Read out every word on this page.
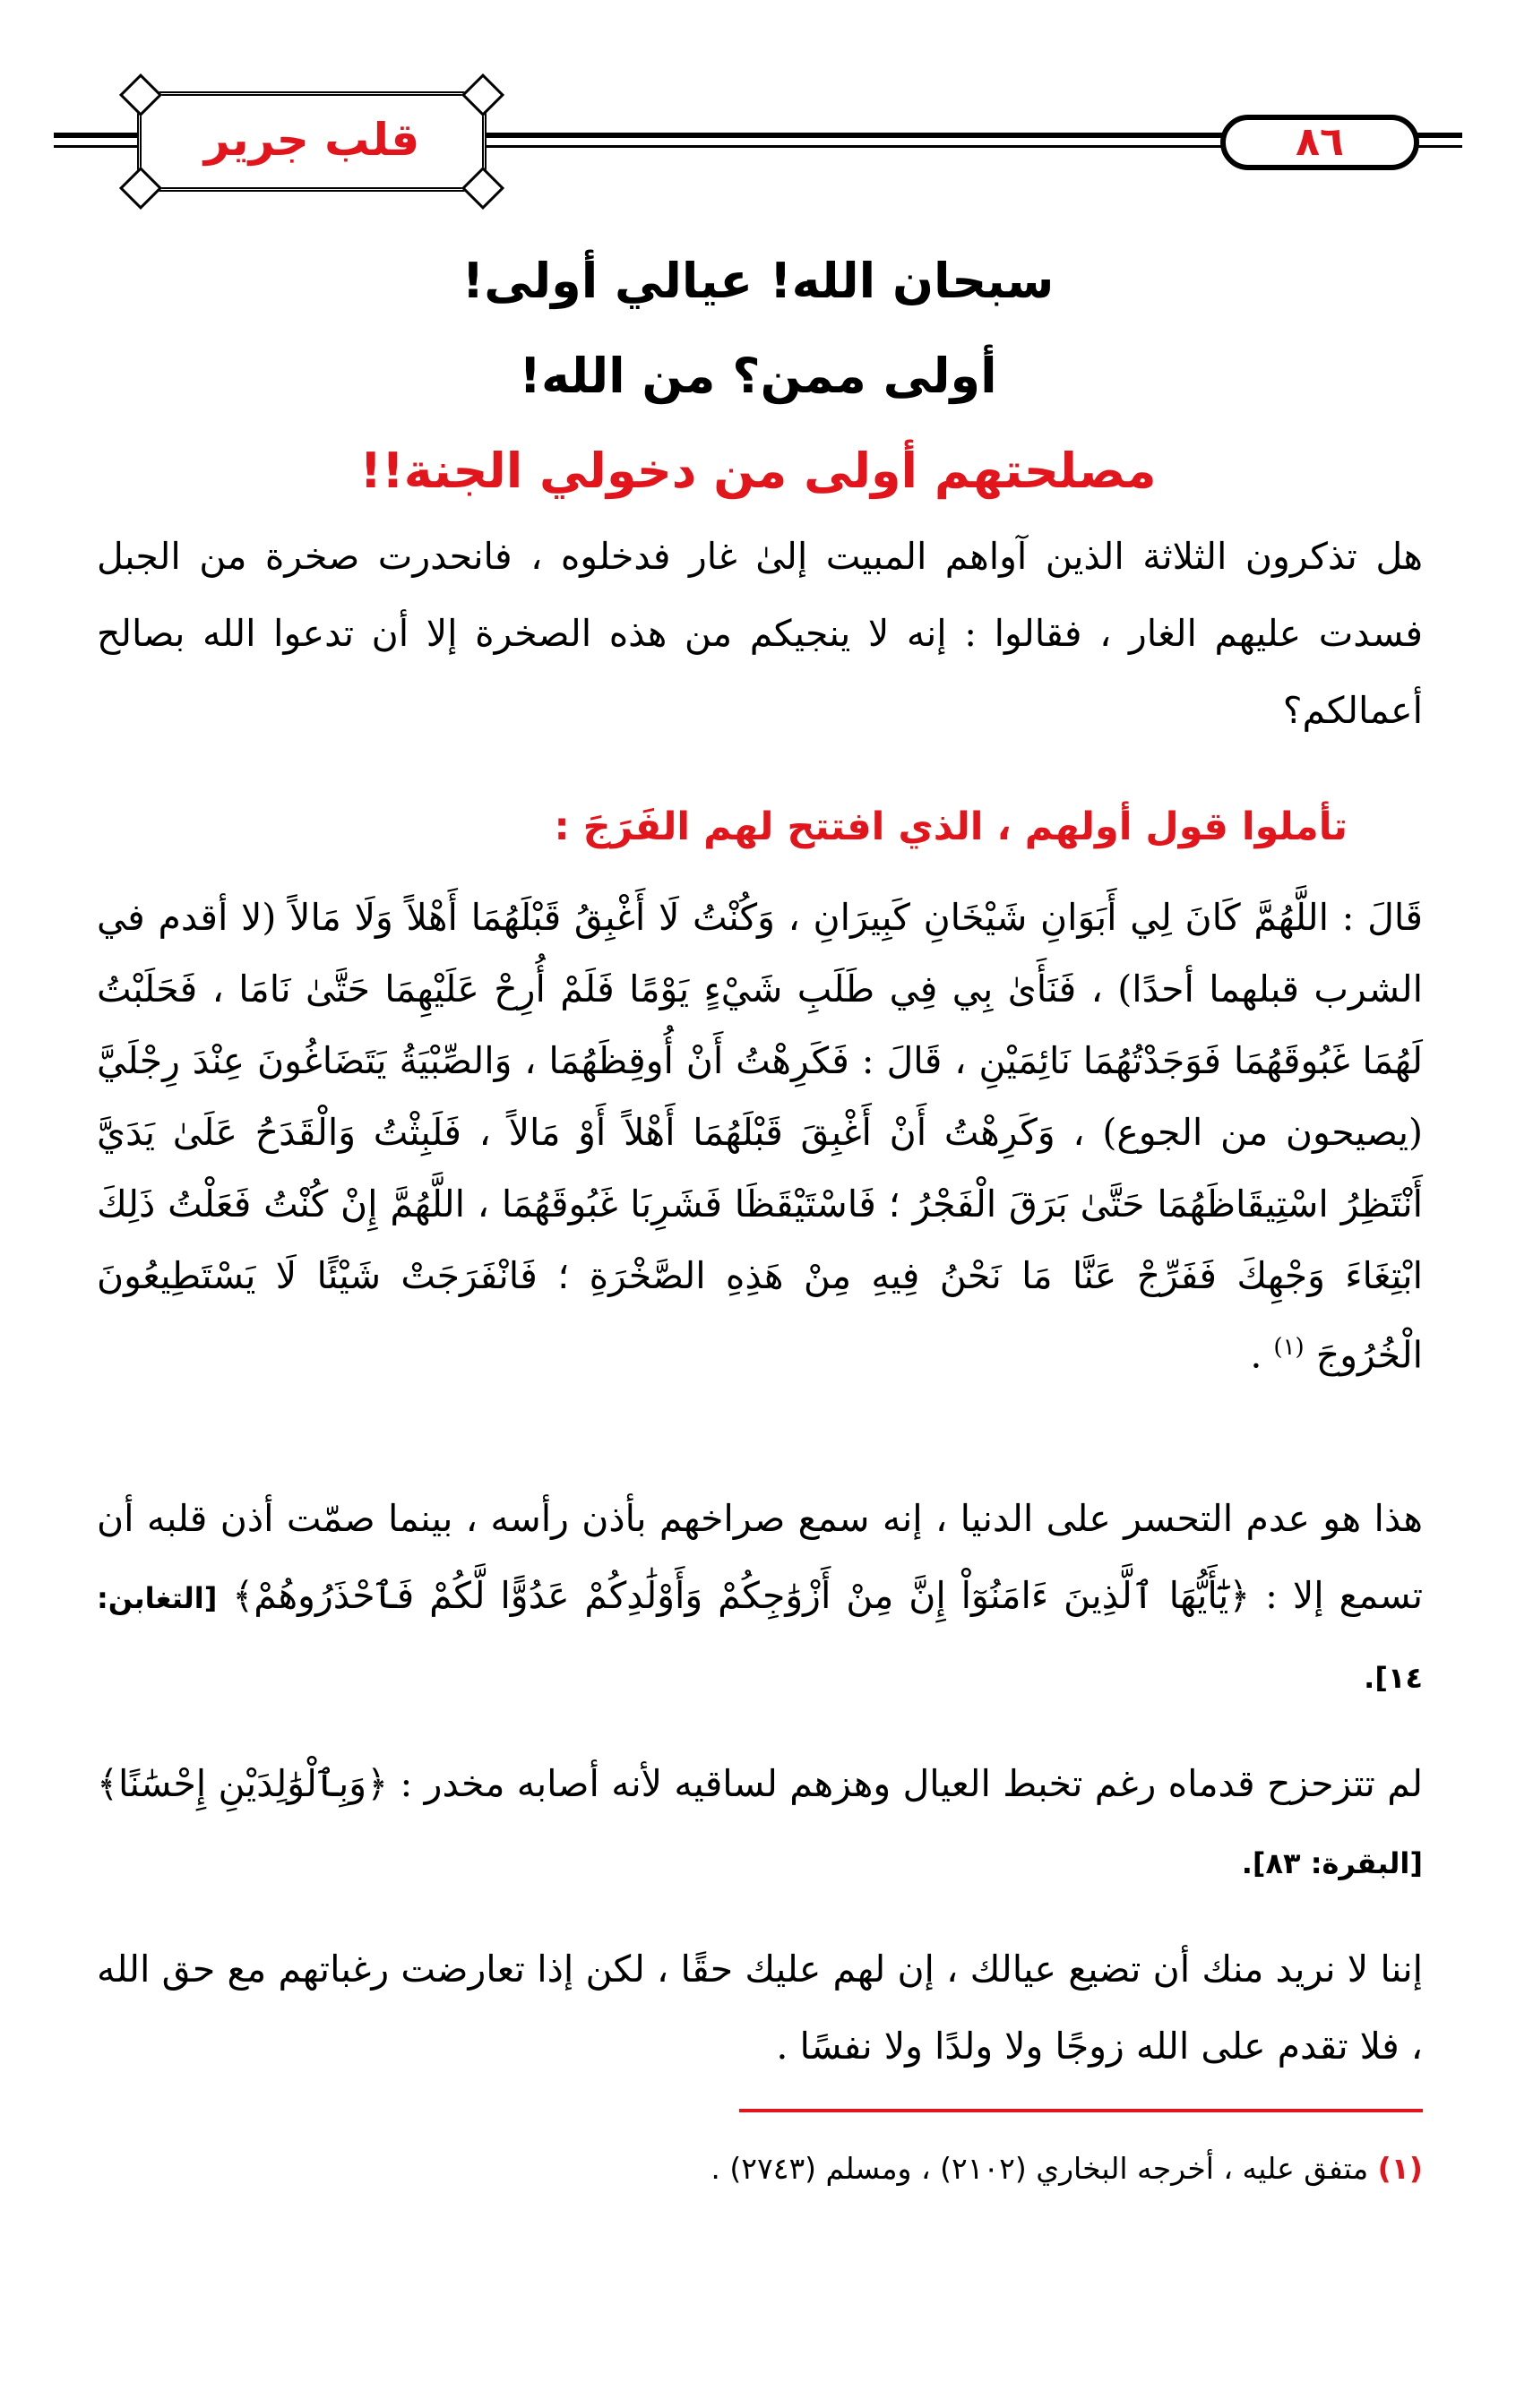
قلب جرير	٨٦
سبحان الله! عيالي أولى!
أولى ممن؟ من الله!
مصلحتهم أولى من دخولي الجنة!!
هل تذكرون الثلاثة الذين آواهم المبيت إلىٰ غار فدخلوه ، فانحدرت صخرة من الجبل فسدت عليهم الغار ، فقالوا : إنه لا ينجيكم من هذه الصخرة إلا أن تدعوا الله بصالح أعمالكم؟
تأملوا قول أولهم ، الذي افتتح لهم الفَرَجَ :
قَالَ : اللَّهُمَّ كَانَ لِي أَبَوَانِ شَيْخَانِ كَبِيرَانِ ، وَكُنْتُ لَا أَغْبِقُ قَبْلَهُمَا أَهْلاً وَلَا مَالاً (لا أقدم في الشرب قبلهما أحدًا) ، فَنَأَىٰ بِي فِي طَلَبِ شَيْءٍ يَوْمًا فَلَمْ أُرِحْ عَلَيْهِمَا حَتَّىٰ نَامَا ، فَحَلَبْتُ لَهُمَا غَبُوقَهُمَا فَوَجَدْتُهُمَا نَائِمَيْنِ ، قَالَ : فَكَرِهْتُ أَنْ أُوقِظَهُمَا ، وَالصِّبْيَةُ يَتَضَاغُونَ عِنْدَ رِجْلَيَّ (يصيحون من الجوع) ، وَكَرِهْتُ أَنْ أَغْبِقَ قَبْلَهُمَا أَهْلاً أَوْ مَالاً ، فَلَبِثْتُ وَالْقَدَحُ عَلَىٰ يَدَيَّ أَنْتَظِرُ اسْتِيقَاظَهُمَا حَتَّىٰ بَرَقَ الْفَجْرُ ؛ فَاسْتَيْقَظَا فَشَرِبَا غَبُوقَهُمَا ، اللَّهُمَّ إِنْ كُنْتُ فَعَلْتُ ذَلِكَ ابْتِغَاءَ وَجْهِكَ فَفَرِّجْ عَنَّا مَا نَحْنُ فِيهِ مِنْ هَذِهِ الصَّخْرَةِ ؛ فَانْفَرَجَتْ شَيْئًا لَا يَسْتَطِيعُونَ الْخُرُوجَ $^{(١)}$ .
هذا هو عدم التحسر على الدنيا ، إنه سمع صراخهم بأذن رأسه ، بينما صمّت أذن قلبه أن تسمع إلا : ﴿يَٰٓأَيُّهَا ٱلَّذِينَ ءَامَنُوٓاْ إِنَّ مِنْ أَزْوَٰجِكُمْ وَأَوْلَٰدِكُمْ عَدُوًّا لَّكُمْ فَٱحْذَرُوهُمْ﴾ [التغابن: ١٤].
لم تتزحزح قدماه رغم تخبط العيال وهزهم لساقيه لأنه أصابه مخدر : ﴿وَبِٱلْوَٰلِدَيْنِ إِحْسَٰنًا﴾ [البقرة: ٨٣].
إننا لا نريد منك أن تضيع عيالك ، إن لهم عليك حقًا ، لكن إذا تعارضت رغباتهم مع حق الله ، فلا تقدم على الله زوجًا ولا ولدًا ولا نفسًا .
(١) متفق عليه ، أخرجه البخاري (٢١٠٢) ، ومسلم (٢٧٤٣) .
